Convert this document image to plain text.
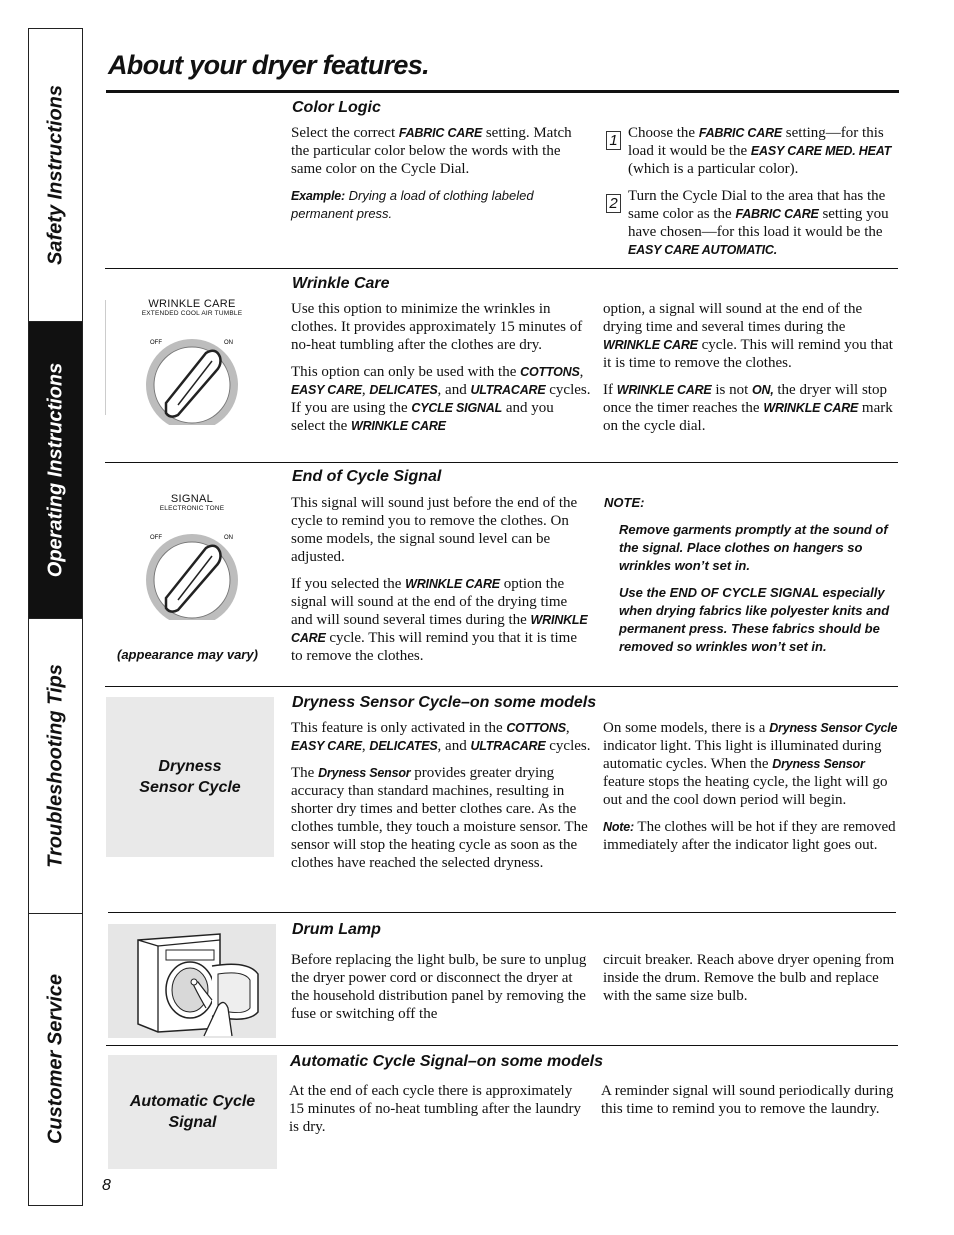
Safety Instructions
Operating Instructions
Troubleshooting Tips
Customer Service
About your dryer features.
Color Logic

Select the correct FABRIC CARE setting. Match the particular color below the words with the same color on the Cycle Dial.

Example: Drying a load of clothing labeled permanent press.

1 Choose the FABRIC CARE setting—for this load it would be the EASY CARE MED. HEAT (which is a particular color).
2 Turn the Cycle Dial to the area that has the same color as the FABRIC CARE setting you have chosen—for this load it would be the EASY CARE AUTOMATIC.
Wrinkle Care
WRINKLE CARE
EXTENDED COOL AIR TUMBLE
OFF	ON

Use this option to minimize the wrinkles in clothes. It provides approximately 15 minutes of no-heat tumbling after the clothes are dry.

This option can only be used with the COTTONS, EASY CARE, DELICATES, and ULTRACARE cycles. If you are using the CYCLE SIGNAL and you select the WRINKLE CARE

option, a signal will sound at the end of the drying time and several times during the WRINKLE CARE cycle. This will remind you that it is time to remove the clothes.

If WRINKLE CARE is not ON, the dryer will stop once the timer reaches the WRINKLE CARE mark on the cycle dial.

End of Cycle Signal
SIGNAL
ELECTRONIC TONE
OFF	ON
(appearance may vary)

This signal will sound just before the end of the cycle to remind you to remove the clothes. On some models, the signal sound level can be adjusted.

If you selected the WRINKLE CARE option the signal will sound at the end of the drying time and will sound several times during the WRINKLE CARE cycle. This will remind you that it is time to remove the clothes.

NOTE:
Remove garments promptly at the sound of the signal. Place clothes on hangers so wrinkles won’t set in.
Use the END OF CYCLE SIGNAL especially when drying fabrics like polyester knits and permanent press. These fabrics should be removed so wrinkles won’t set in.
Dryness Sensor Cycle–on some models
Dryness
Sensor Cycle

This feature is only activated in the COTTONS, EASY CARE, DELICATES, and ULTRACARE cycles.

The Dryness Sensor provides greater drying accuracy than standard machines, resulting in shorter dry times and better clothes care. As the clothes tumble, they touch a moisture sensor. The sensor will stop the heating cycle as soon as the clothes have reached the selected dryness.

On some models, there is a Dryness Sensor Cycle indicator light. This light is illuminated during automatic cycles. When the Dryness Sensor feature stops the heating cycle, the light will go out and the cool down period will begin.

Note: The clothes will be hot if they are removed immediately after the indicator light goes out.

Drum Lamp

Before replacing the light bulb, be sure to unplug the dryer power cord or disconnect the dryer at the household distribution panel by removing the fuse or switching off the

circuit breaker. Reach above dryer opening from inside the drum. Remove the bulb and replace with the same size bulb.

Automatic Cycle Signal–on some models
Automatic Cycle
Signal

At the end of each cycle there is approximately 15 minutes of no-heat tumbling after the laundry is dry.

A reminder signal will sound periodically during this time to remind you to remove the laundry.

8
